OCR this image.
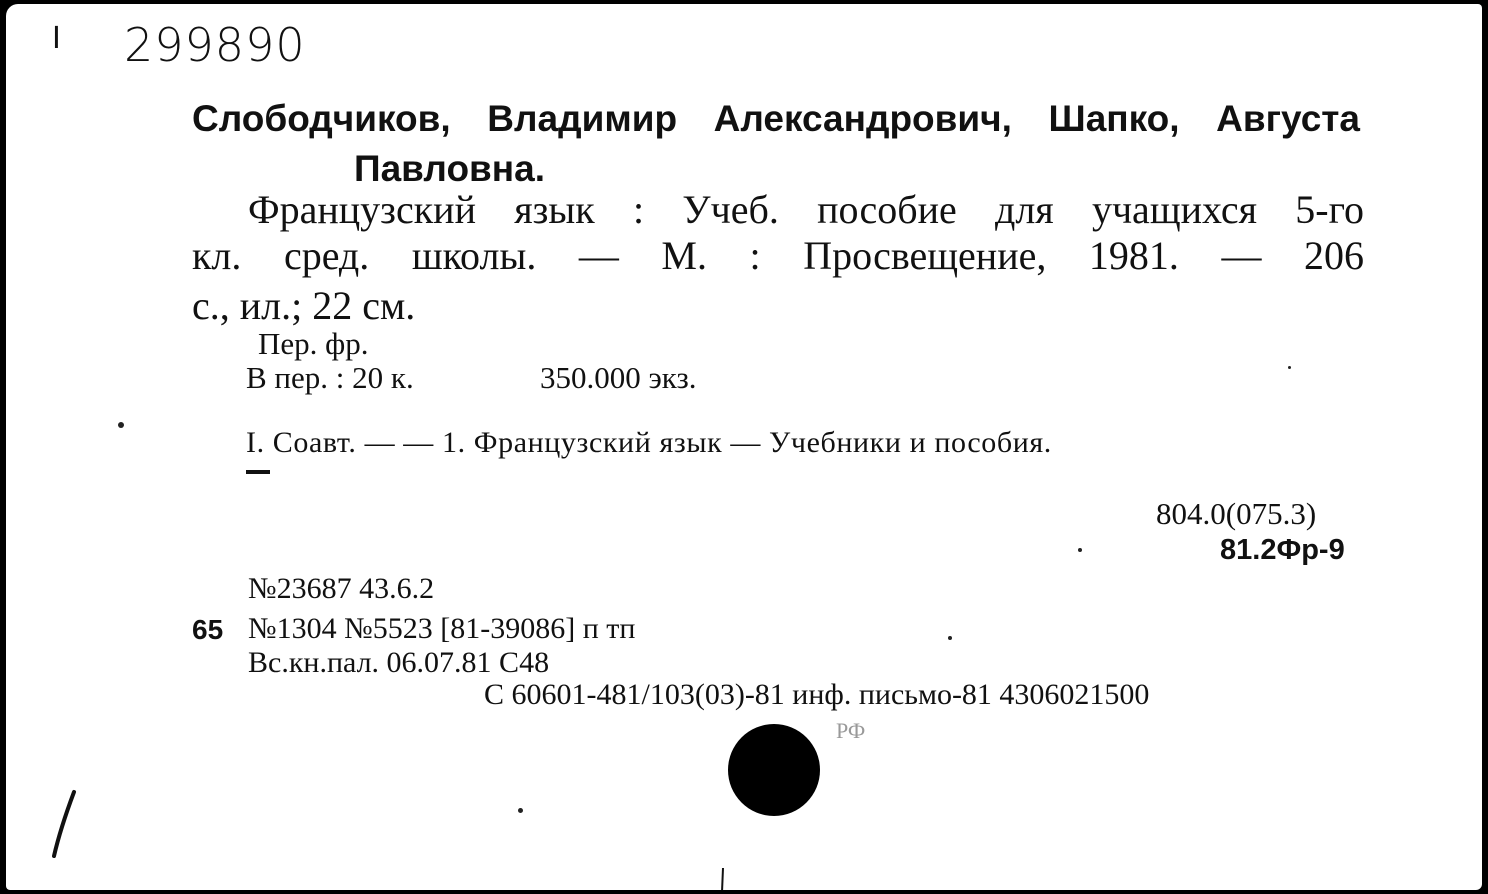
I 299890
Слободчиков, Владимир Александрович, Шапко, Августа
Павловна.
Французский язык : Учеб. пособие для учащихся 5-го
кл. сред. школы. — М. : Просвещение, 1981. — 206
с., ил.; 22 см.
Пер. фр.
В пер. : 20 к.	350.000 экз.
I. Соавт. — — 1. Французский язык — Учебники и пособия.
804.0(075.3)
81.2Фр-9
№23687 43.6.2
65 №1304 №5523 [81-39086] п тп
Вс.кн.пал. 06.07.81 С48
С 60601-481/103(03)-81 инф. письмо-81 4306021500
РФ
